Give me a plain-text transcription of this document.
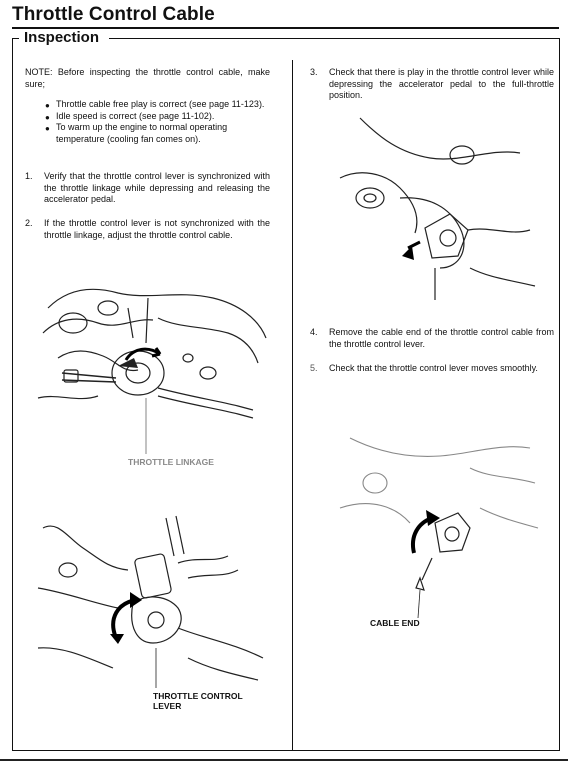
Throttle Control Cable
Inspection
NOTE: Before inspecting the throttle control cable, make sure;
● Throttle cable free play is correct (see page 11-123).
● Idle speed is correct (see page 11-102).
● To warm up the engine to normal operating temperature (cooling fan comes on).
1.	Verify that the throttle control lever is synchronized with the throttle linkage while depressing and releasing the accelerator pedal.
2.	If the throttle control lever is not synchronized with the throttle linkage, adjust the throttle control cable.
3.	Check that there is play in the throttle control lever while depressing the accelerator pedal to the full-throttle position.
4.	Remove the cable end of the throttle control cable from the throttle control lever.
5.	Check that the throttle control lever moves smoothly.
THROTTLE LINKAGE
THROTTLE CONTROL
LEVER
CABLE END
